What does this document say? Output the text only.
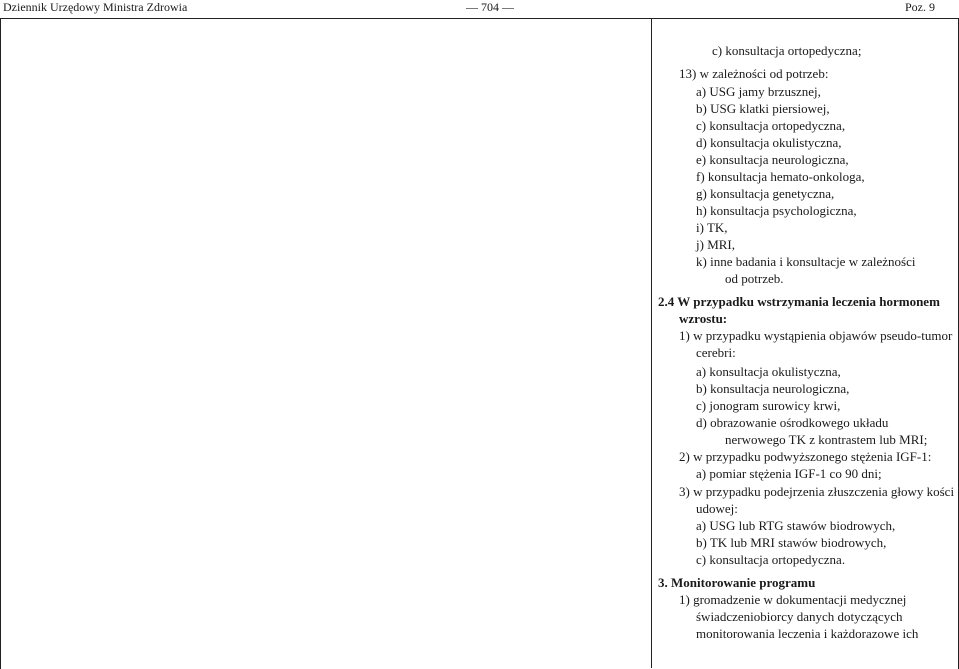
Dziennik Urzędowy Ministra Zdrowia	— 704 —	Poz. 9
c) konsultacja ortopedyczna;
13) w zależności od potrzeb:
a) USG jamy brzusznej,
b) USG klatki piersiowej,
c) konsultacja ortopedyczna,
d) konsultacja okulistyczna,
e) konsultacja neurologiczna,
f) konsultacja hemato-onkologa,
g) konsultacja genetyczna,
h) konsultacja psychologiczna,
i) TK,
j) MRI,
k) inne badania i konsultacje w zależności
od potrzeb.
2.4 W przypadku wstrzymania leczenia hormonem
wzrostu:
1) w przypadku wystąpienia objawów pseudo-tumor
cerebri:
a) konsultacja okulistyczna,
b) konsultacja neurologiczna,
c) jonogram surowicy krwi,
d) obrazowanie ośrodkowego układu
nerwowego TK z kontrastem lub MRI;
2) w przypadku podwyższonego stężenia IGF-1:
a) pomiar stężenia IGF-1 co 90 dni;
3) w przypadku podejrzenia złuszczenia głowy kości
udowej:
a) USG lub RTG stawów biodrowych,
b) TK lub MRI stawów biodrowych,
c) konsultacja ortopedyczna.
3. Monitorowanie programu
1) gromadzenie w dokumentacji medycznej
świadczeniobiorcy danych dotyczących
monitorowania leczenia i każdorazowe ich
